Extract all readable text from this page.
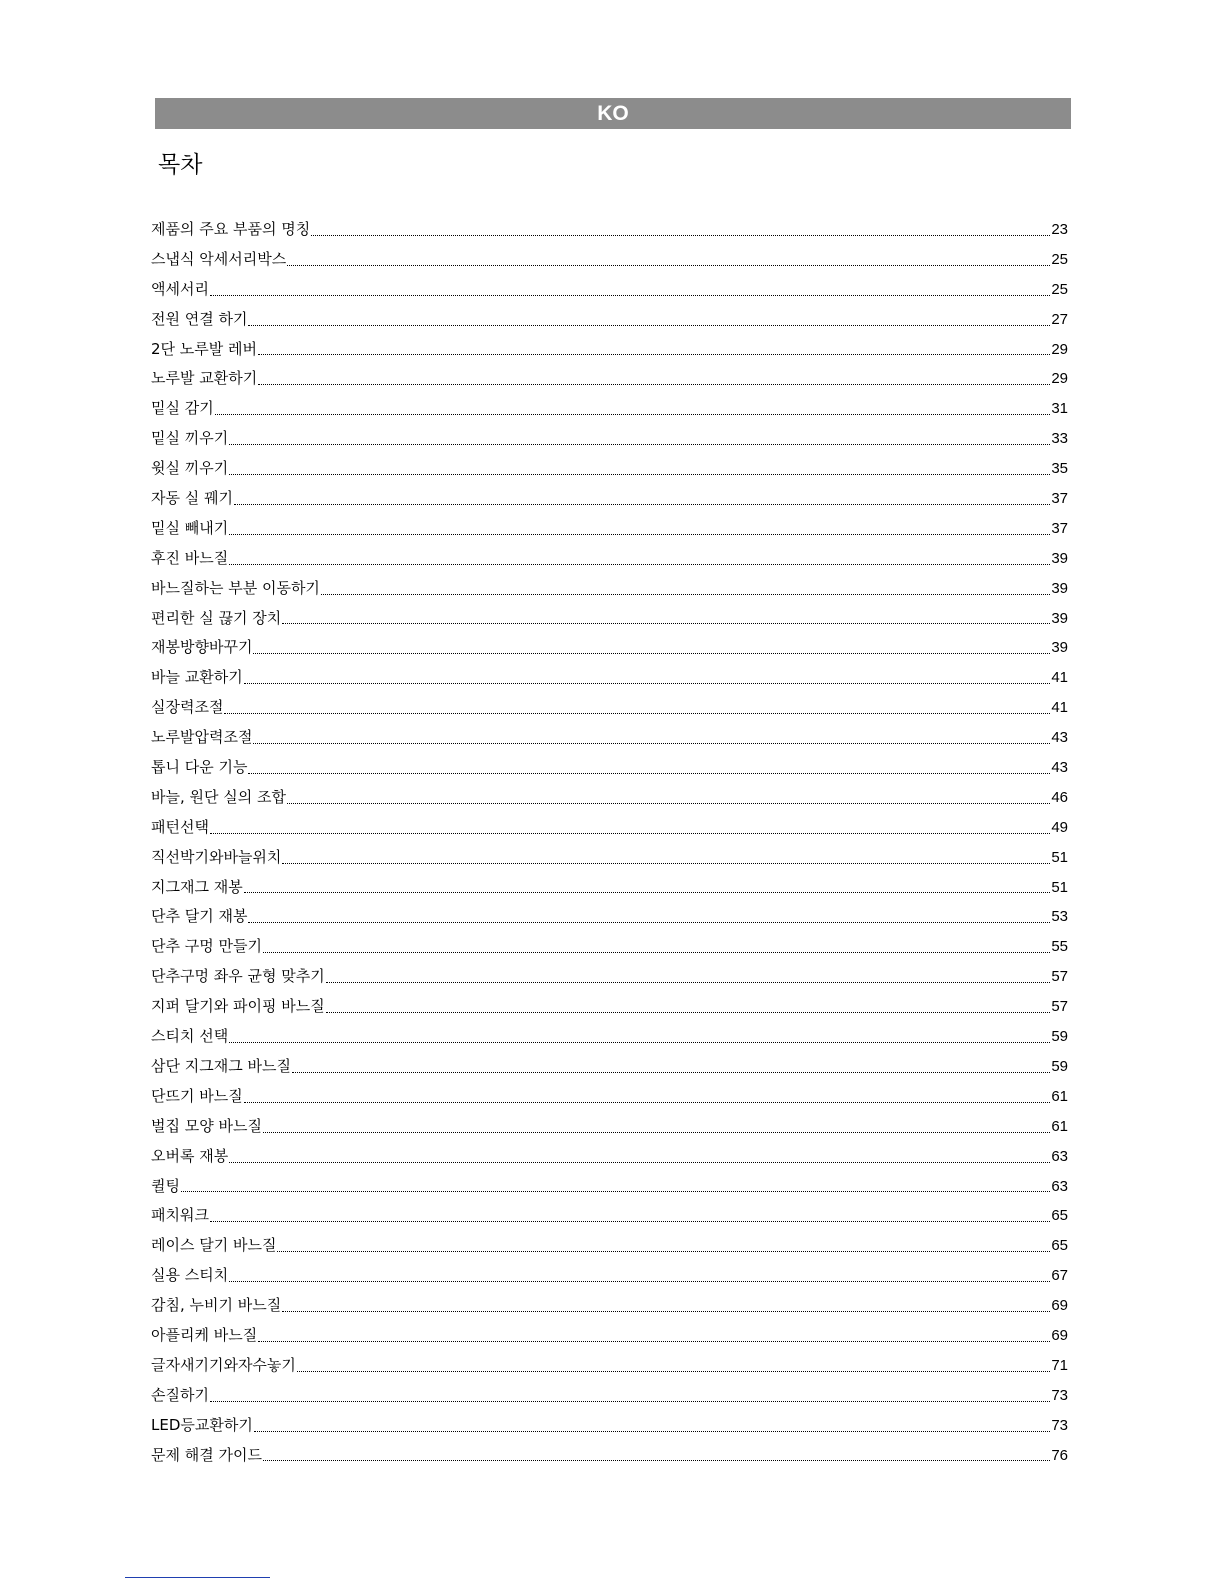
KO
목차
제품의 주요 부품의 명칭	23
스냅식 악세서리박스	25
액세서리	25
전원 연결 하기	27
2단 노루발 레버	29
노루발 교환하기	29
밑실 감기	31
밑실 끼우기	33
윗실 끼우기	35
자동 실 꿰기	37
밑실 빼내기	37
후진 바느질	39
바느질하는 부분 이동하기	39
편리한 실 끊기 장치	39
재봉방향바꾸기	39
바늘 교환하기	41
실장력조절	41
노루발압력조절	43
톱니 다운 기능	43
바늘, 원단 실의 조합	46
패턴선택	49
직선박기와바늘위치	51
지그재그 재봉	51
단추 달기 재봉	53
단추 구멍 만들기	55
단추구멍 좌우 균형 맞추기	57
지퍼 달기와 파이핑 바느질	57
스티치 선택	59
삼단 지그재그 바느질	59
단뜨기 바느질	61
벌집 모양 바느질	61
오버록 재봉	63
퀼팅	63
패치워크	65
레이스 달기 바느질	65
실용 스티치	67
감침, 누비기 바느질	69
아플리케 바느질	69
글자새기기와자수놓기	71
손질하기	73
LED등교환하기	73
문제 해결 가이드	76
